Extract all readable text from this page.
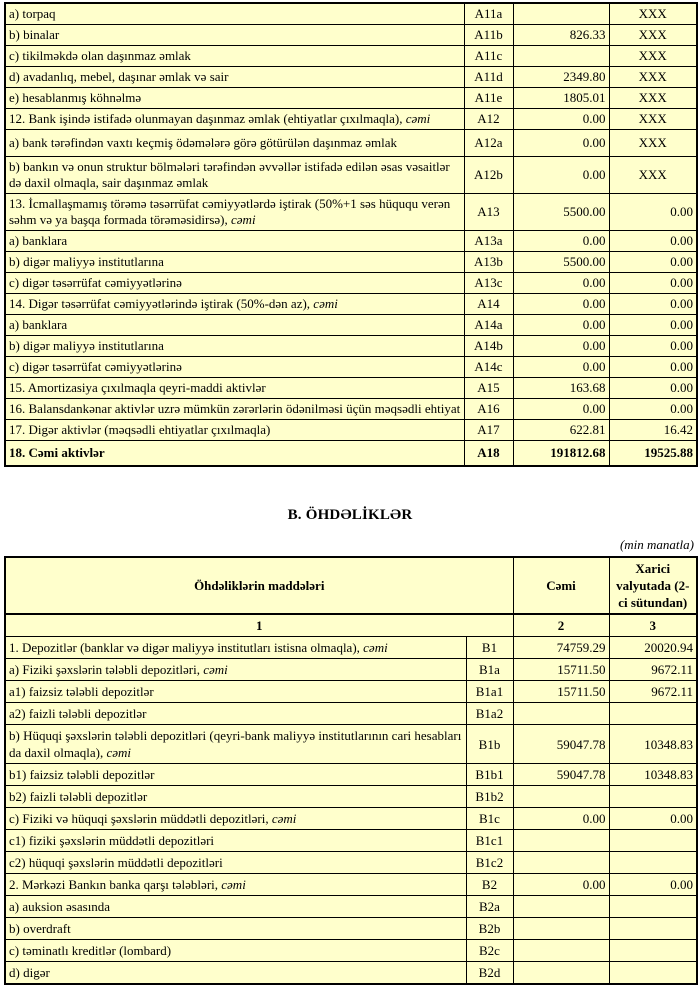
a) torpaq	A11a		XXX
b) binalar	A11b	826.33	XXX
c) tikilməkdə olan daşınmaz əmlak	A11c		XXX
d) avadanlıq, mebel, daşınar əmlak və sair	A11d	2349.80	XXX
e) hesablanmış köhnəlmə	A11e	1805.01	XXX
12. Bank işində istifadə olunmayan daşınmaz əmlak (ehtiyatlar çıxılmaqla), cəmi	A12	0.00	XXX
a) bank tərəfindən vaxtı keçmiş ödəmələrə görə götürülən daşınmaz əmlak	A12a	0.00	XXX
b) bankın və onun struktur bölmələri tərəfindən əvvəllər istifadə edilən əsas vəsaitlər də daxil olmaqla, sair daşınmaz əmlak	A12b	0.00	XXX
13. İcmallaşmamış törəmə təsərrüfat cəmiyyətlərdə iştirak (50%+1 səs hüququ verən səhm və ya başqa formada törəməsidirsə), cəmi	A13	5500.00	0.00
a) banklara	A13a	0.00	0.00
b) digər maliyyə institutlarına	A13b	5500.00	0.00
c) digər təsərrüfat cəmiyyətlərinə	A13c	0.00	0.00
14. Digər təsərrüfat cəmiyyətlərində iştirak (50%-dən az), cəmi	A14	0.00	0.00
a) banklara	A14a	0.00	0.00
b) digər maliyyə institutlarına	A14b	0.00	0.00
c) digər təsərrüfat cəmiyyətlərinə	A14c	0.00	0.00
15. Amortizasiya çıxılmaqla qeyri-maddi aktivlər	A15	163.68	0.00
16. Balansdankənar aktivlər uzrə mümkün zərərlərin ödənilməsi üçün məqsədli ehtiyat	A16	0.00	0.00
17. Digər aktivlər (məqsədli ehtiyatlar çıxılmaqla)	A17	622.81	16.42
18. Cəmi aktivlər	A18	191812.68	19525.88
B. ÖHDƏLİKLƏR
(min manatla)
Öhdəliklərin maddələri		Cəmi	Xarici valyutada (2-ci sütundan)
1		2	3
1. Depozitlər (banklar və digər maliyyə institutları istisna olmaqla), cəmi	B1	74759.29	20020.94
a) Fiziki şəxslərin tələbli depozitləri, cəmi	B1a	15711.50	9672.11
a1) faizsiz tələbli depozitlər	B1a1	15711.50	9672.11
a2) faizli tələbli depozitlər	B1a2		
b) Hüquqi şəxslərin tələbli depozitləri (qeyri-bank maliyyə institutlarının cari hesabları da daxil olmaqla), cəmi	B1b	59047.78	10348.83
b1) faizsiz tələbli depozitlər	B1b1	59047.78	10348.83
b2) faizli tələbli depozitlər	B1b2		
c) Fiziki və hüquqi şəxslərin müddətli depozitləri, cəmi	B1c	0.00	0.00
c1) fiziki şəxslərin müddətli depozitləri	B1c1		
c2) hüquqi şəxslərin müddətli depozitləri	B1c2		
2. Mərkəzi Bankın banka qarşı tələbləri, cəmi	B2	0.00	0.00
a) auksion əsasında	B2a		
b) overdraft	B2b		
c) təminatlı kreditlər (lombard)	B2c		
d) digər	B2d		
